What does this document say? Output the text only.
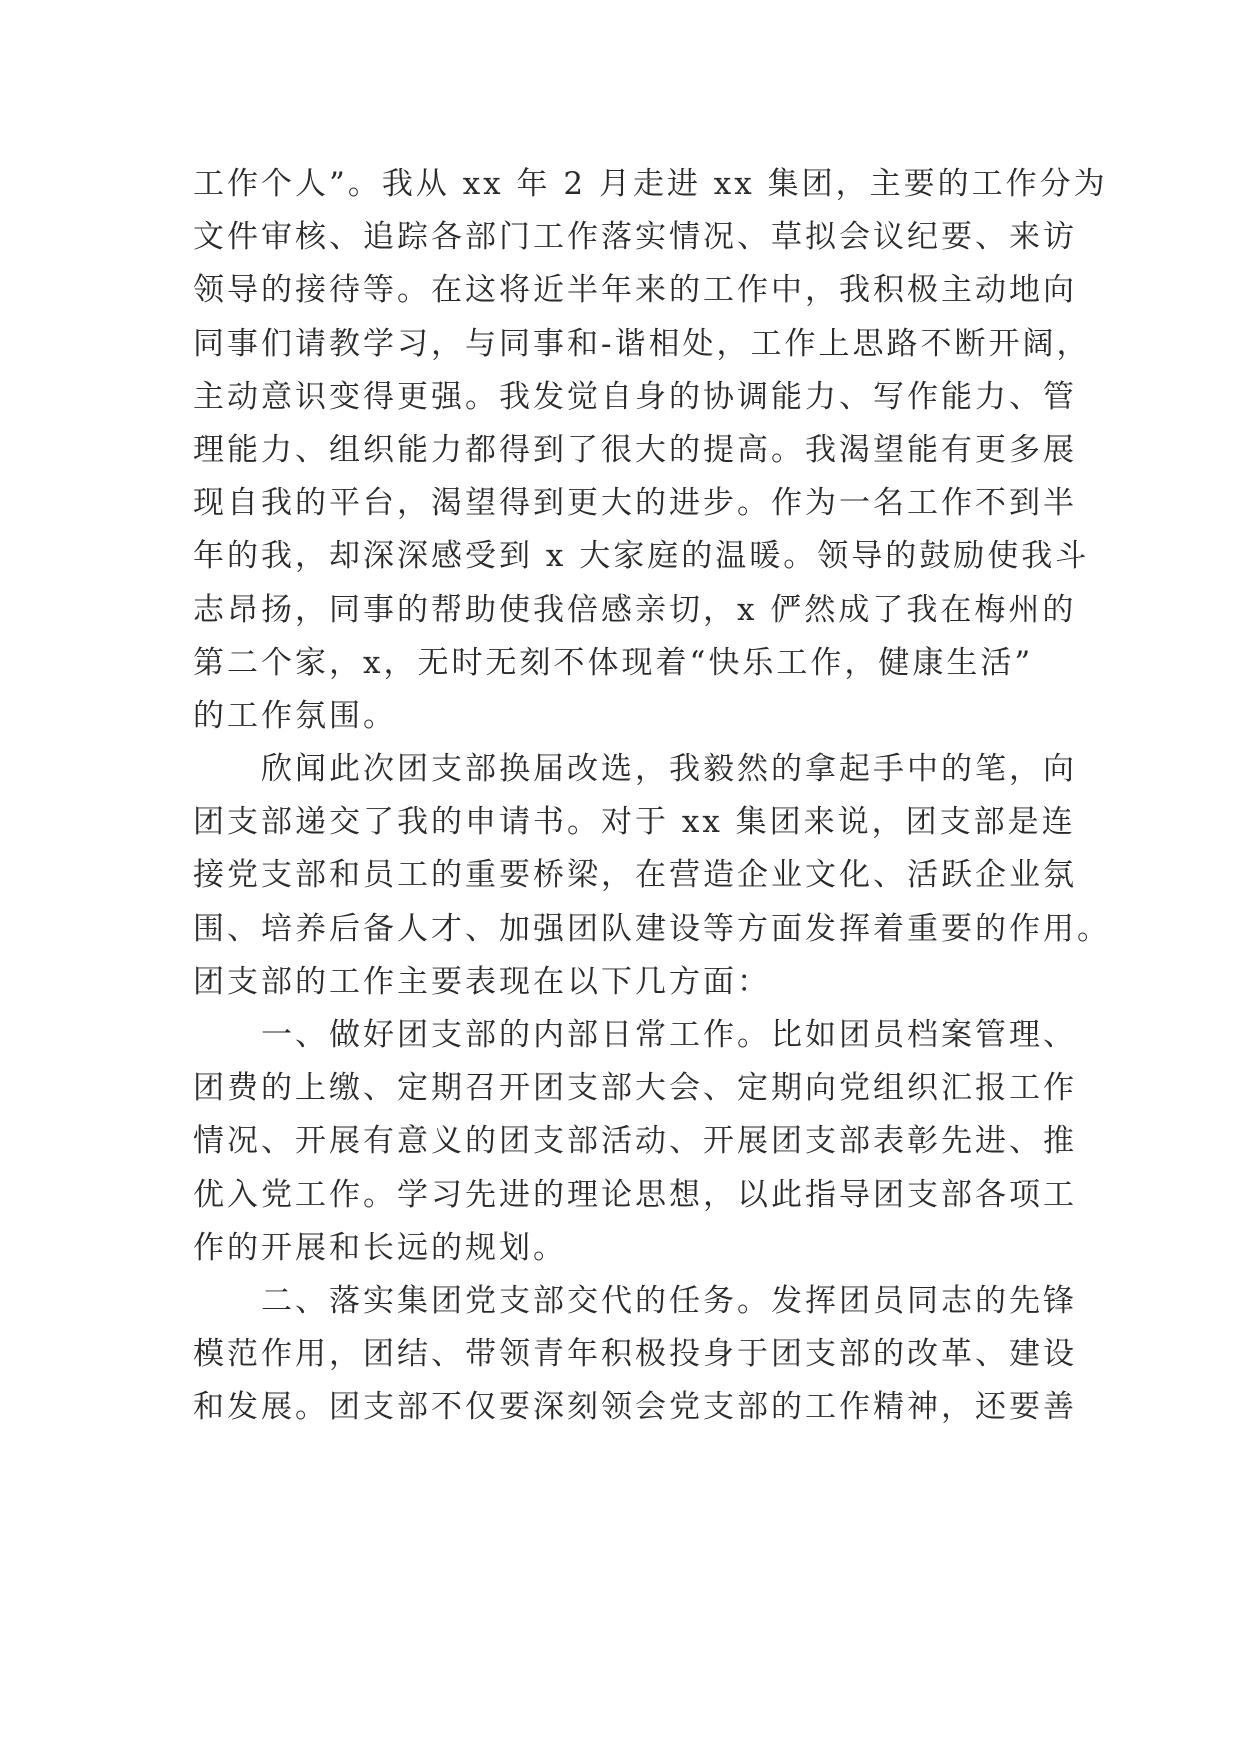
工作个人”。我从 xx 年 2 月走进 xx 集团，主要的工作分为
文件审核、追踪各部门工作落实情况、草拟会议纪要、来访
领导的接待等。在这将近半年来的工作中，我积极主动地向
同事们请教学习，与同事和-谐相处，工作上思路不断开阔，
主动意识变得更强。我发觉自身的协调能力、写作能力、管
理能力、组织能力都得到了很大的提高。我渴望能有更多展
现自我的平台，渴望得到更大的进步。作为一名工作不到半
年的我，却深深感受到 x 大家庭的温暖。领导的鼓励使我斗
志昂扬，同事的帮助使我倍感亲切，x 俨然成了我在梅州的
第二个家，x，无时无刻不体现着“快乐工作，健康生活”
的工作氛围。
　　欣闻此次团支部换届改选，我毅然的拿起手中的笔，向
团支部递交了我的申请书。对于 xx 集团来说，团支部是连
接党支部和员工的重要桥梁，在营造企业文化、活跃企业氛
围、培养后备人才、加强团队建设等方面发挥着重要的作用。
团支部的工作主要表现在以下几方面：
　　一、做好团支部的内部日常工作。比如团员档案管理、
团费的上缴、定期召开团支部大会、定期向党组织汇报工作
情况、开展有意义的团支部活动、开展团支部表彰先进、推
优入党工作。学习先进的理论思想，以此指导团支部各项工
作的开展和长远的规划。
　　二、落实集团党支部交代的任务。发挥团员同志的先锋
模范作用，团结、带领青年积极投身于团支部的改革、建设
和发展。团支部不仅要深刻领会党支部的工作精神，还要善
